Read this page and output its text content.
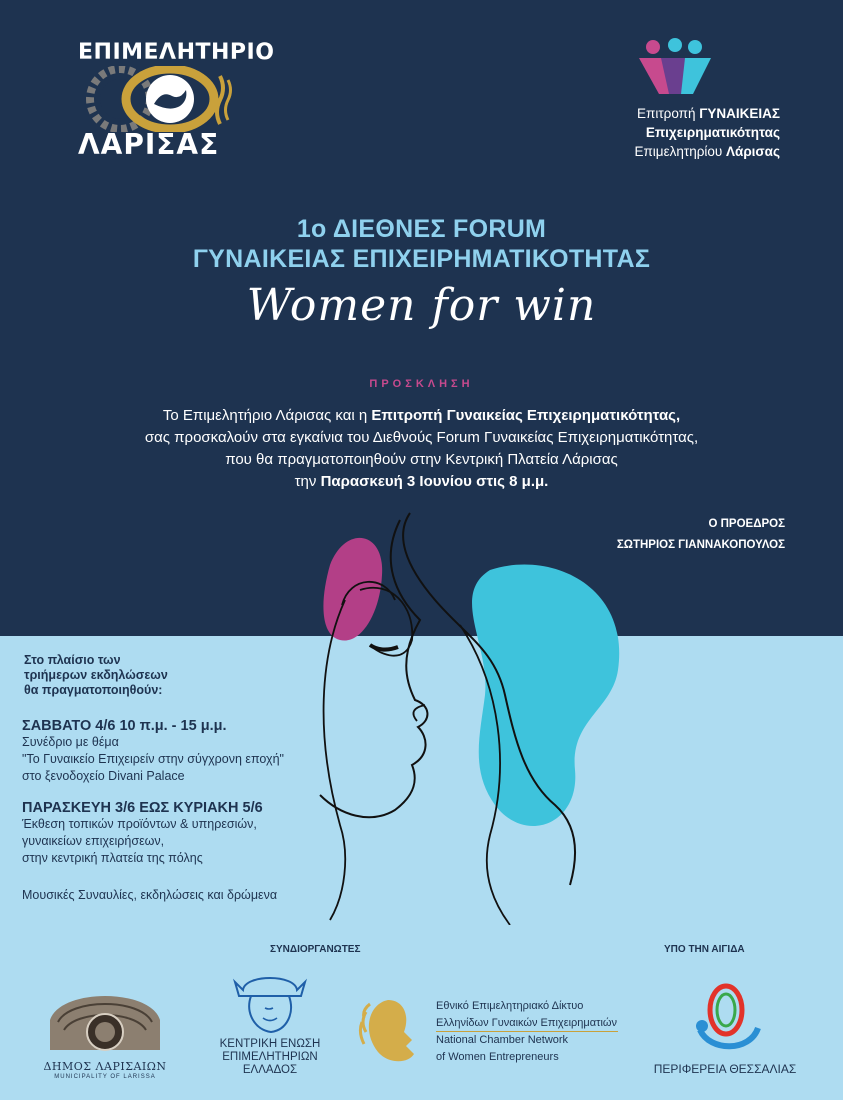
ΕΠΙΜΕΛΗΤΗΡΙΟ
ΛΑΡΙΣΑΣ
Επιτροπή ΓΥΝΑΙΚΕΙΑΣ
Επιχειρηματικότητας
Επιμελητηρίου Λάρισας
1ο ΔΙΕΘΝΕΣ FORUM
ΓΥΝΑΙΚΕΙΑΣ ΕΠΙΧΕΙΡΗΜΑΤΙΚΟΤΗΤΑΣ
Women for win
ΠΡΟΣΚΛΗΣΗ
Το Επιμελητήριο Λάρισας και η Επιτροπή Γυναικείας Επιχειρηματικότητας,
σας προσκαλούν στα εγκαίνια του Διεθνούς Forum Γυναικείας Επιχειρηματικότητας,
που θα πραγματοποιηθούν στην Κεντρική Πλατεία Λάρισας
την Παρασκευή 3 Ιουνίου στις 8 μ.μ.
Ο ΠΡΟΕΔΡΟΣ
ΣΩΤΗΡΙΟΣ ΓΙΑΝΝΑΚΟΠΟΥΛΟΣ
Στο πλαίσιο των
τριήμερων εκδηλώσεων
θα πραγματοποιηθούν:
ΣΑΒΒΑΤΟ 4/6 10 π.μ. - 15 μ.μ.
Συνέδριο με θέμα
"Το Γυναικείο Επιχειρείν στην σύγχρονη εποχή"
στο ξενοδοχείο Divani Palace
ΠΑΡΑΣΚΕΥΗ 3/6 ΕΩΣ ΚΥΡΙΑΚΗ 5/6
Έκθεση τοπικών προϊόντων & υπηρεσιών,
γυναικείων επιχειρήσεων,
στην κεντρική πλατεία της πόλης
Μουσικές Συναυλίες, εκδηλώσεις και δρώμενα
ΣΥΝΔΙΟΡΓΑΝΩΤΕΣ	ΥΠΟ ΤΗΝ ΑΙΓΙΔΑ
ΔΗΜΟΣ ΛΑΡΙΣΑΙΩΝ
MUNICIPALITY OF LARISSA
ΚΕΝΤΡΙΚΗ ΕΝΩΣΗ
ΕΠΙΜΕΛΗΤΗΡΙΩΝ
ΕΛΛΑΔΟΣ
Εθνικό Επιμελητηριακό Δίκτυο
Ελληνίδων Γυναικών Επιχειρηματιών
National Chamber Network
of Women Entrepreneurs
ΠΕΡΙΦΕΡΕΙΑ ΘΕΣΣΑΛΙΑΣ
